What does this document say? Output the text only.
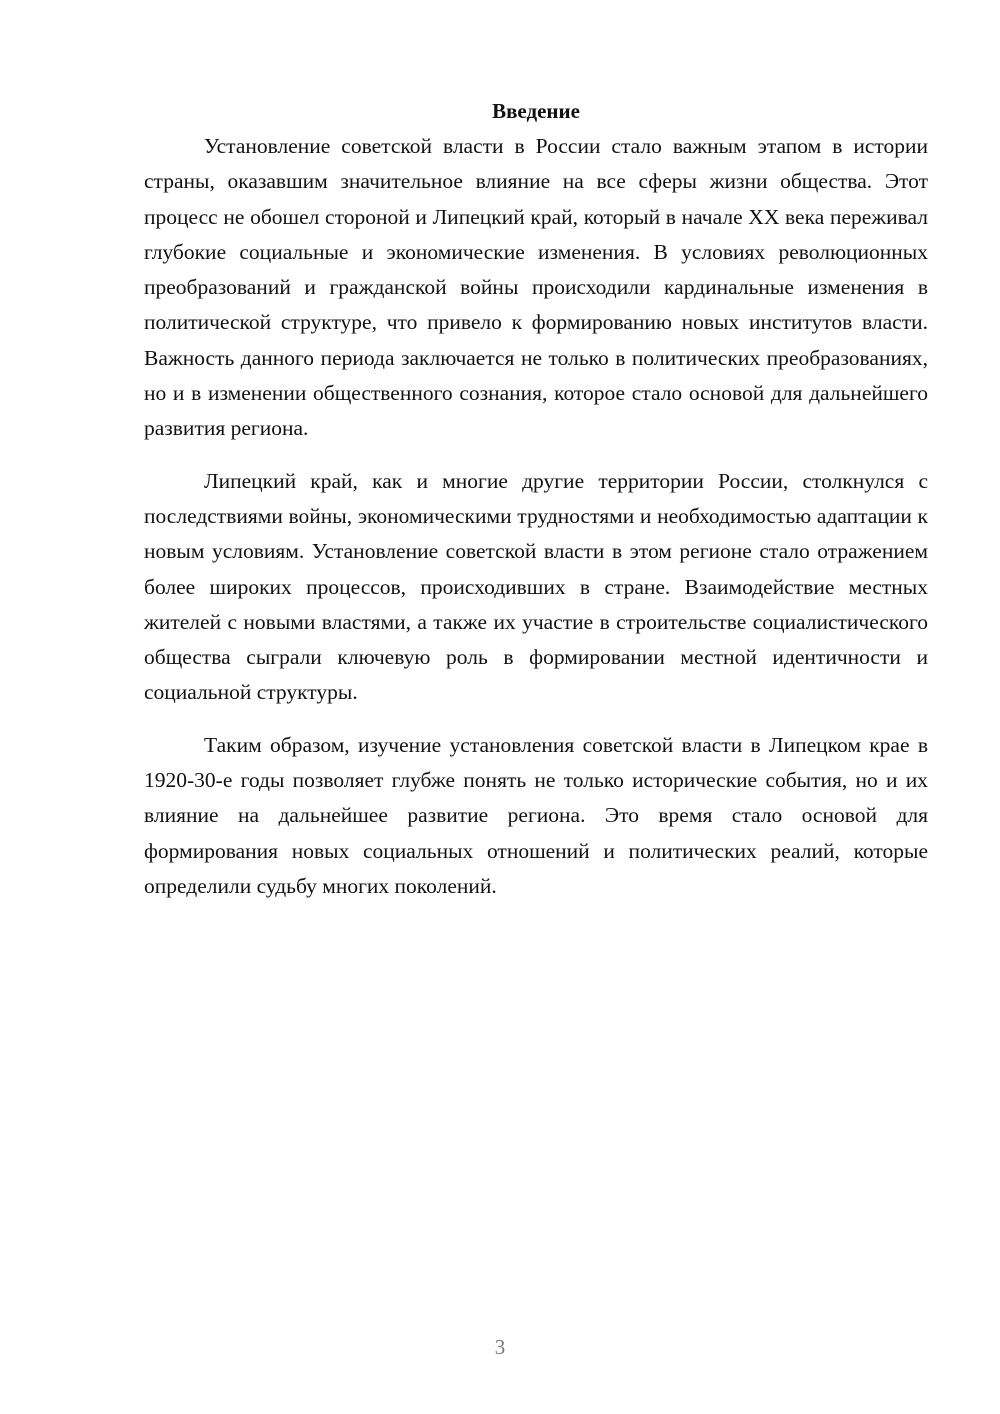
Введение

Установление советской власти в России стало важным этапом в истории страны, оказавшим значительное влияние на все сферы жизни общества. Этот процесс не обошел стороной и Липецкий край, который в начале XX века переживал глубокие социальные и экономические изменения. В условиях революционных преобразований и гражданской войны происходили кардинальные изменения в политической структуре, что привело к формированию новых институтов власти. Важность данного периода заключается не только в политических преобразованиях, но и в изменении общественного сознания, которое стало основой для дальнейшего развития региона.

Липецкий край, как и многие другие территории России, столкнулся с последствиями войны, экономическими трудностями и необходимостью адаптации к новым условиям. Установление советской власти в этом регионе стало отражением более широких процессов, происходивших в стране. Взаимодействие местных жителей с новыми властями, а также их участие в строительстве социалистического общества сыграли ключевую роль в формировании местной идентичности и социальной структуры.

Таким образом, изучение установления советской власти в Липецком крае в 1920-30-е годы позволяет глубже понять не только исторические события, но и их влияние на дальнейшее развитие региона. Это время стало основой для формирования новых социальных отношений и политических реалий, которые определили судьбу многих поколений.

3
